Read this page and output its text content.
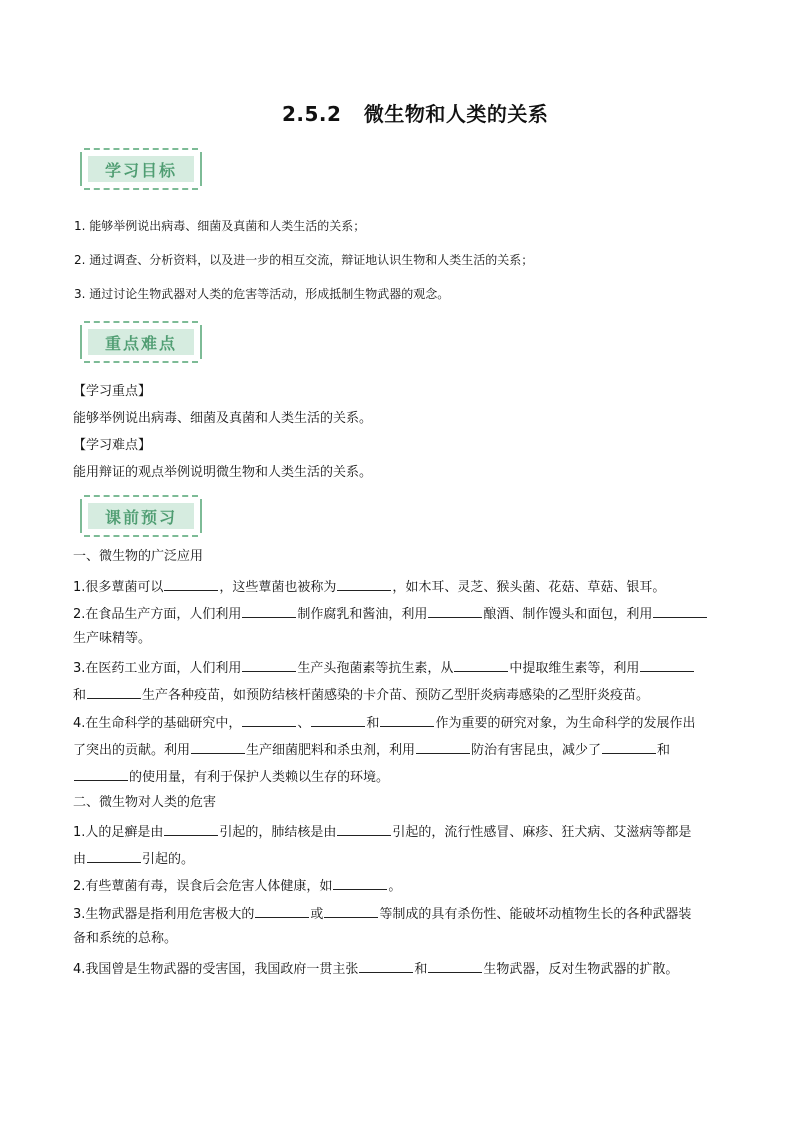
2.5.2   微生物和人类的关系
学习目标
1. 能够举例说出病毒、细菌及真菌和人类生活的关系；
2. 通过调查、分析资料，以及进一步的相互交流，辩证地认识生物和人类生活的关系；
3. 通过讨论生物武器对人类的危害等活动，形成抵制生物武器的观念。
重点难点
【学习重点】
能够举例说出病毒、细菌及真菌和人类生活的关系。
【学习难点】
能用辩证的观点举例说明微生物和人类生活的关系。
课前预习
一、微生物的广泛应用
1.很多蕈菌可以	，这些蕈菌也被称为	，如木耳、灵芝、猴头菌、花菇、草菇、银耳。
2.在食品生产方面，人们利用	制作腐乳和酱油，利用	酿酒、制作馒头和面包，利用
生产味精等。
3.在医药工业方面，人们利用	生产头孢菌素等抗生素，从	中提取维生素等，利用
和	生产各种疫苗，如预防结核杆菌感染的卡介苗、预防乙型肝炎病毒感染的乙型肝炎疫苗。
4.在生命科学的基础研究中，	、	和	作为重要的研究对象，为生命科学的发展作出
了突出的贡献。利用	生产细菌肥料和杀虫剂，利用	防治有害昆虫，减少了	和
的使用量，有利于保护人类赖以生存的环境。
二、微生物对人类的危害
1.人的足癣是由	引起的，肺结核是由	引起的，流行性感冒、麻疹、狂犬病、艾滋病等都是
由	引起的。
2.有些蕈菌有毒，误食后会危害人体健康，如	。
3.生物武器是指利用危害极大的	或	等制成的具有杀伤性、能破坏动植物生长的各种武器装
备和系统的总称。
4.我国曾是生物武器的受害国，我国政府一贯主张	和	生物武器，反对生物武器的扩散。
